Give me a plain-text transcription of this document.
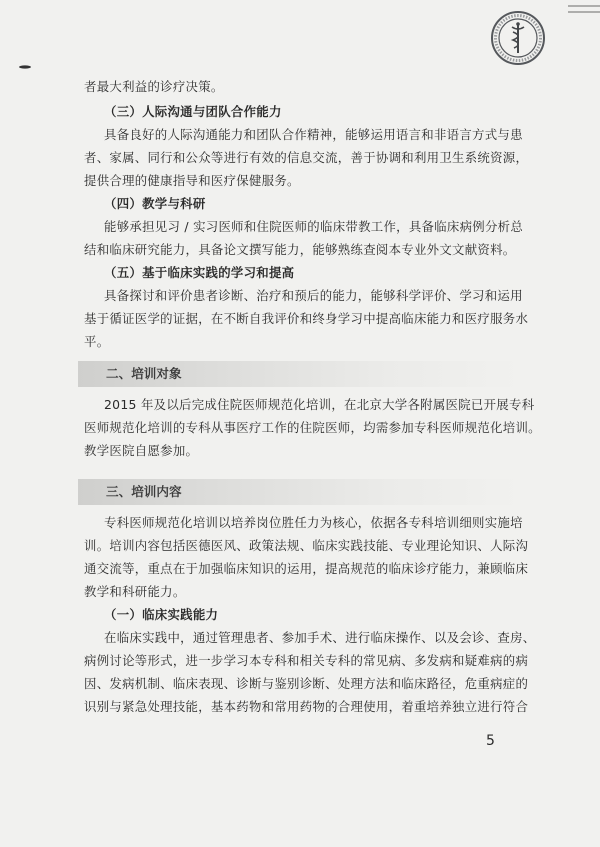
者最大利益的诊疗决策。
（三）人际沟通与团队合作能力
具备良好的人际沟通能力和团队合作精神，能够运用语言和非语言方式与患
者、家属、同行和公众等进行有效的信息交流，善于协调和利用卫生系统资源，
提供合理的健康指导和医疗保健服务。
（四）教学与科研
能够承担见习 / 实习医师和住院医师的临床带教工作，具备临床病例分析总
结和临床研究能力，具备论文撰写能力，能够熟练查阅本专业外文文献资料。
（五）基于临床实践的学习和提高
具备探讨和评价患者诊断、治疗和预后的能力，能够科学评价、学习和运用
基于循证医学的证据，在不断自我评价和终身学习中提高临床能力和医疗服务水
平。
二、培训对象
2015 年及以后完成住院医师规范化培训，在北京大学各附属医院已开展专科
医师规范化培训的专科从事医疗工作的住院医师，均需参加专科医师规范化培训。
教学医院自愿参加。
三、培训内容
专科医师规范化培训以培养岗位胜任力为核心，依据各专科培训细则实施培
训。培训内容包括医德医风、政策法规、临床实践技能、专业理论知识、人际沟
通交流等，重点在于加强临床知识的运用，提高规范的临床诊疗能力，兼顾临床
教学和科研能力。
（一）临床实践能力
在临床实践中，通过管理患者、参加手术、进行临床操作、以及会诊、查房、
病例讨论等形式，进一步学习本专科和相关专科的常见病、多发病和疑难病的病
因、发病机制、临床表现、诊断与鉴别诊断、处理方法和临床路径，危重病症的
识别与紧急处理技能，基本药物和常用药物的合理使用，着重培养独立进行符合
5
